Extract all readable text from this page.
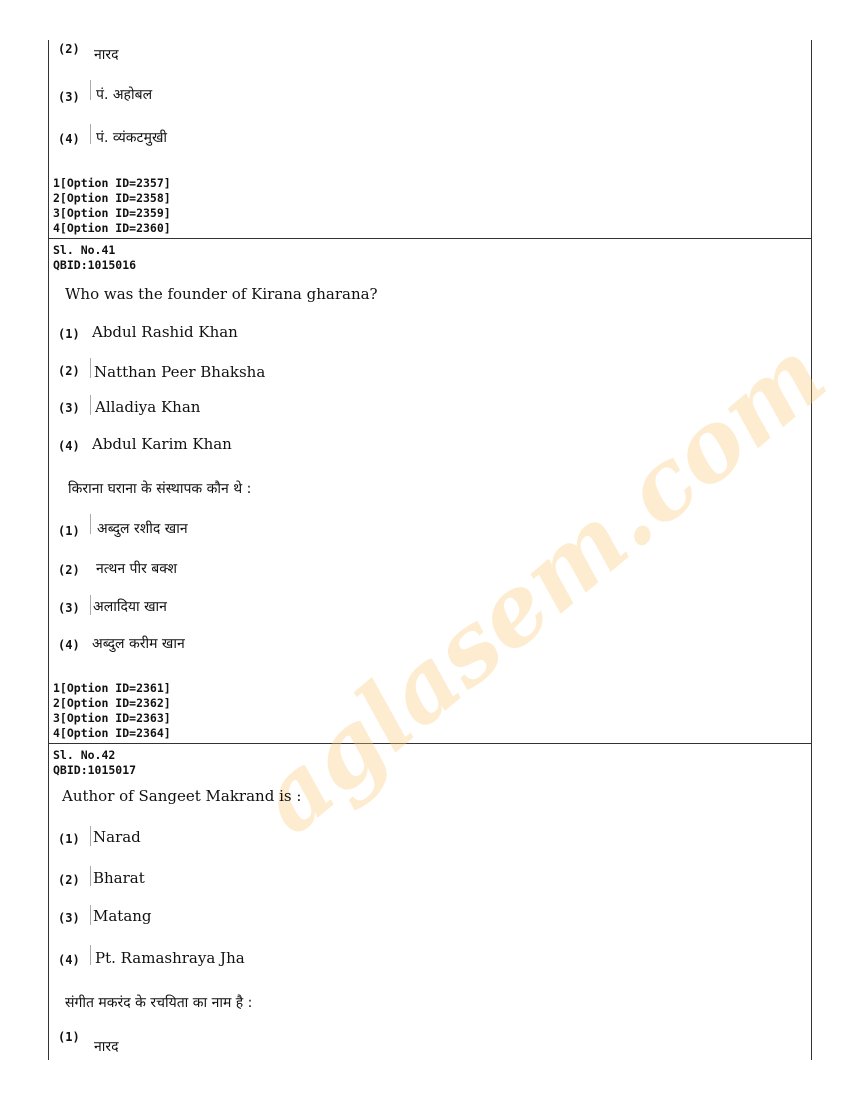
aglasem.com
(2) नारद
(3) पं. अहोबल
(4) पं. व्यंकटमुखी
1[Option ID=2357]
2[Option ID=2358]
3[Option ID=2359]
4[Option ID=2360]
Sl. No.41
QBID:1015016
Who was the founder of Kirana gharana?
(1) Abdul Rashid Khan
(2) Natthan Peer Bhaksha
(3) Alladiya Khan
(4) Abdul Karim Khan
किराना घराना के संस्थापक कौन थे :
(1) अब्दुल रशीद खान
(2) नत्थन पीर बक्श
(3) अलादिया खान
(4) अब्दुल करीम खान
1[Option ID=2361]
2[Option ID=2362]
3[Option ID=2363]
4[Option ID=2364]
Sl. No.42
QBID:1015017
Author of Sangeet Makrand is :
(1) Narad
(2) Bharat
(3) Matang
(4) Pt. Ramashraya Jha
संगीत मकरंद के रचयिता का नाम है :
(1)
नारद
